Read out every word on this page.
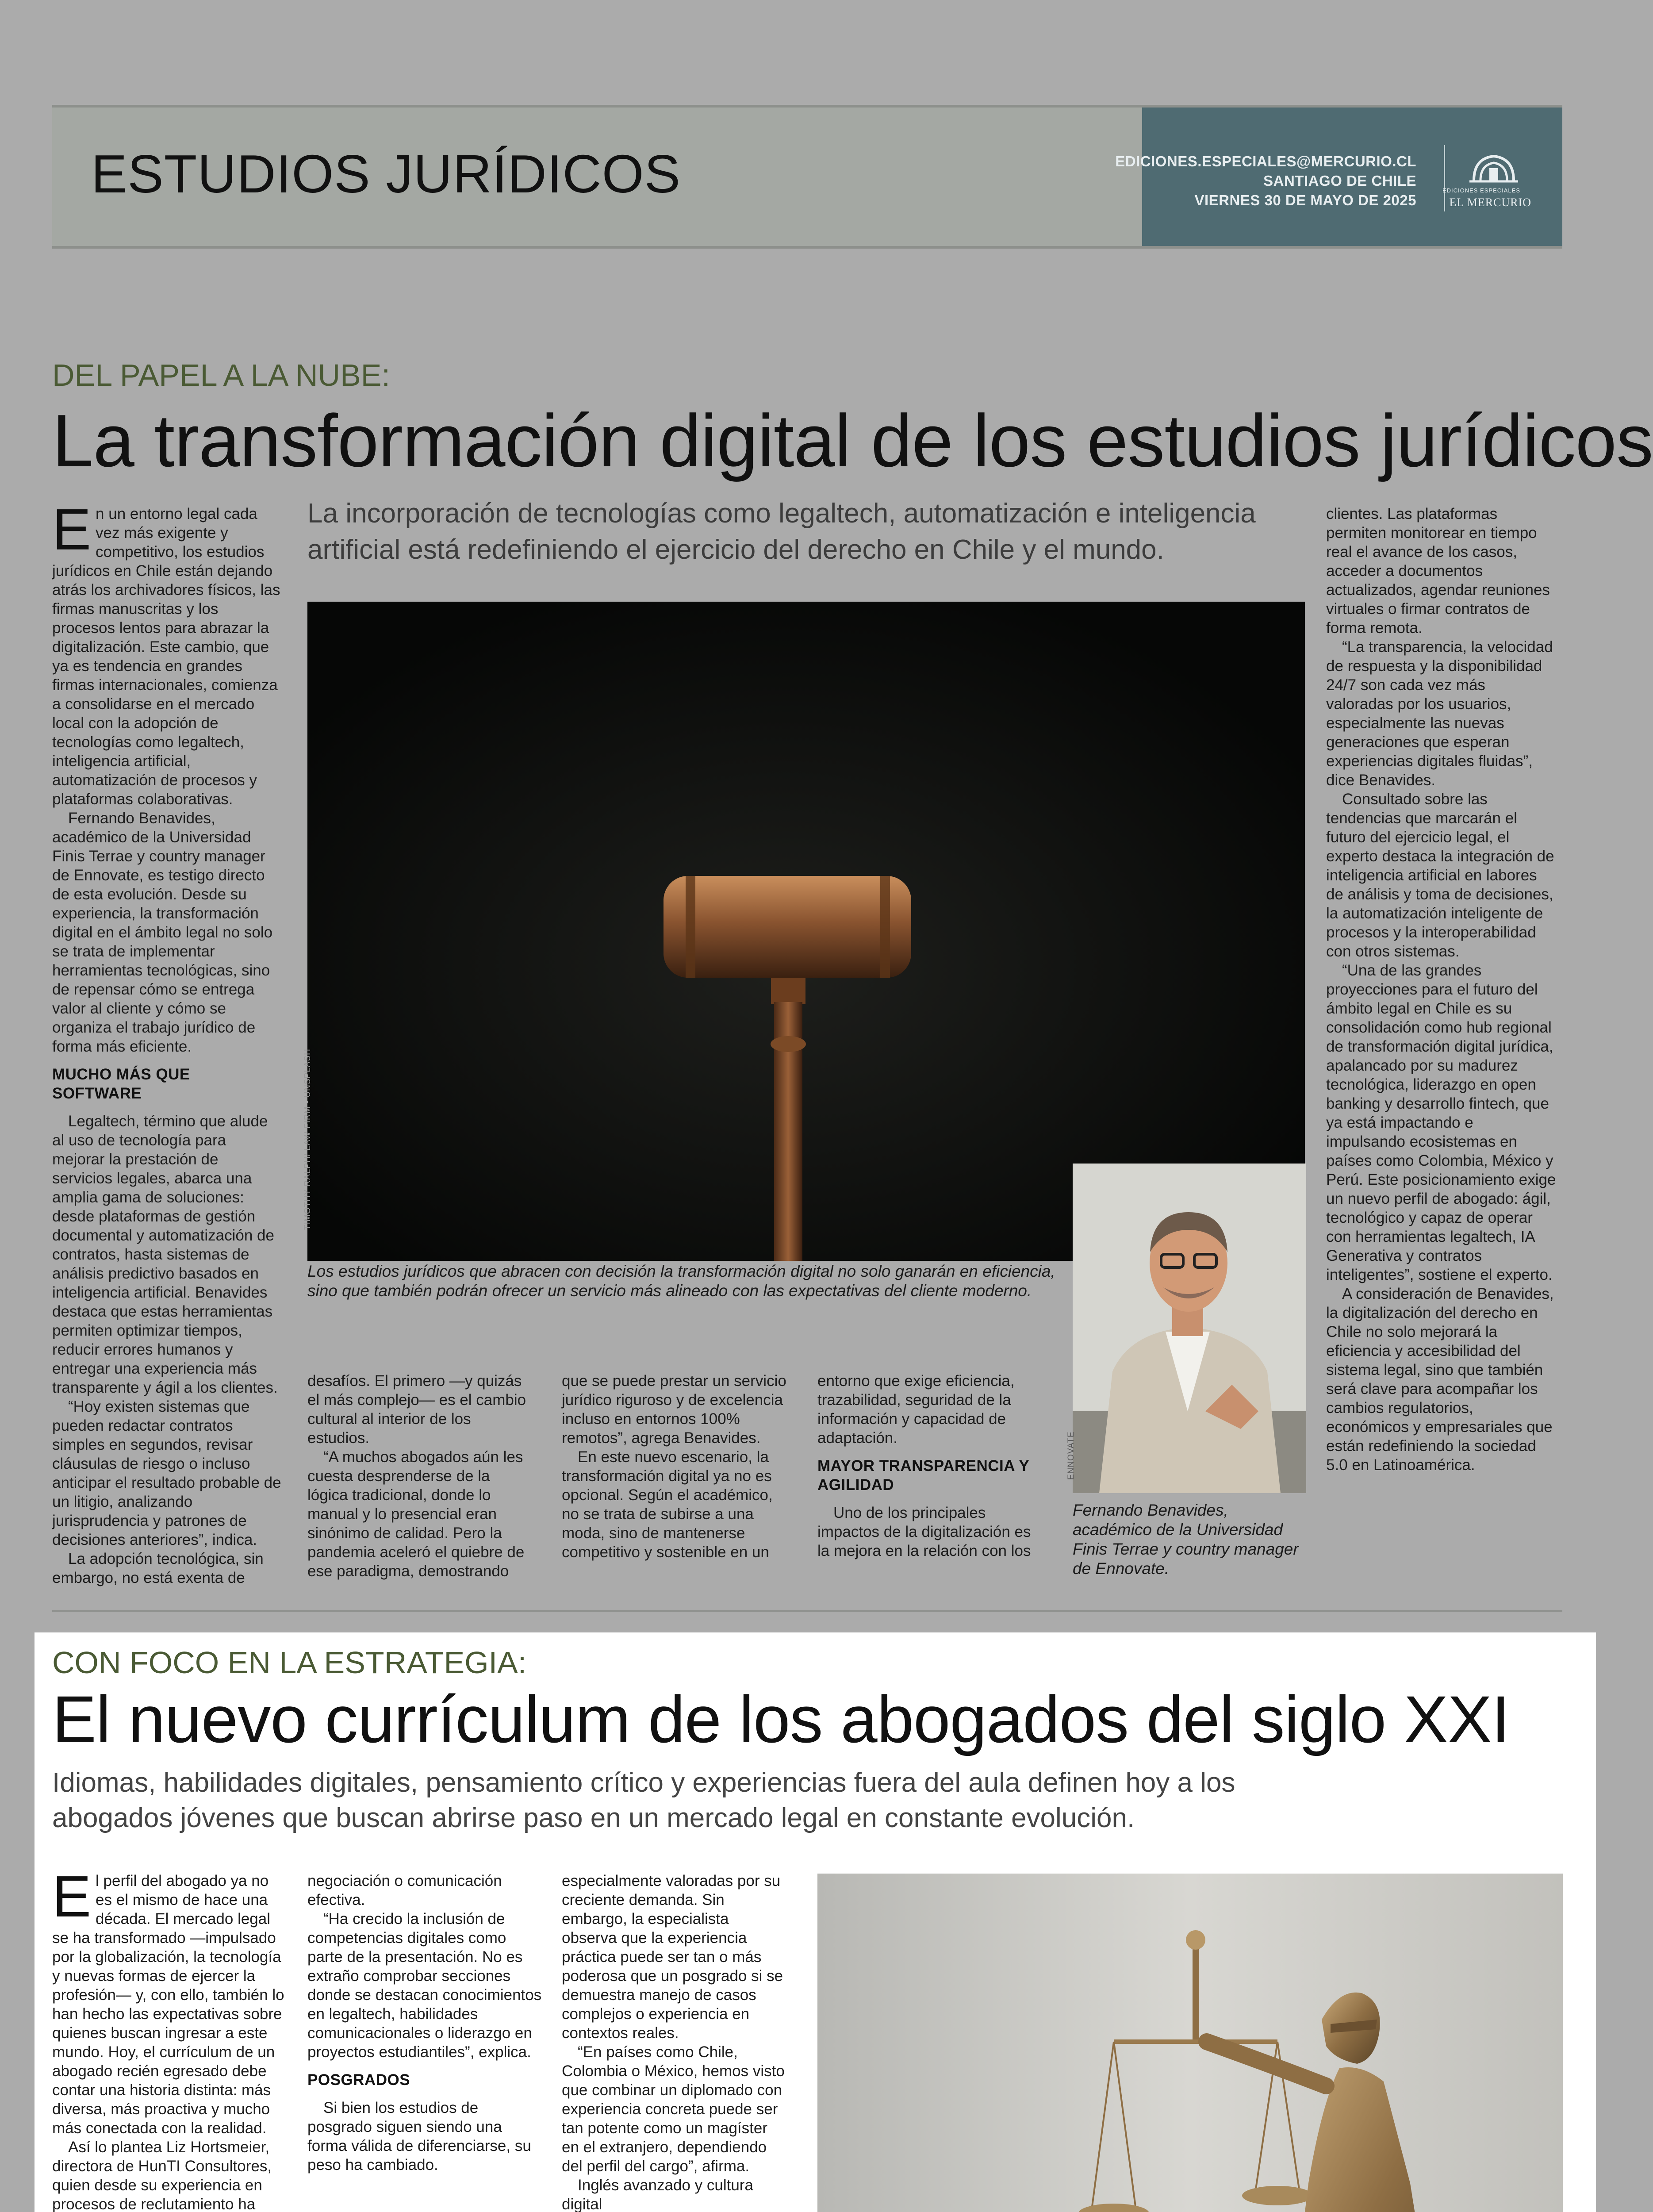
ESTUDIOS JURÍDICOS	EDICIONES.ESPECIALES@MERCURIO.CL
SANTIAGO DE CHILE
VIERNES 30 DE MAYO DE 2025
EDICIONES ESPECIALES
EL MERCURIO
DEL PAPEL A LA NUBE:
La transformación digital de los estudios jurídicos
La incorporación de tecnologías como legaltech, automatización e inteligencia artificial está redefiniendo el ejercicio del derecho en Chile y el mundo.

En un entorno legal cada vez más exigente y competitivo, los estudios jurídicos en Chile están dejando atrás los archivadores físicos, las firmas manuscritas y los procesos lentos para abrazar la digitalización. Este cambio, que ya es tendencia en grandes firmas internacionales, comienza a consolidarse en el mercado local con la adopción de tecnologías como legaltech, inteligencia artificial, automatización de procesos y plataformas colaborativas.

Fernando Benavides, académico de la Universidad Finis Terrae y country manager de Ennovate, es testigo directo de esta evolución. Desde su experiencia, la transformación digital en el ámbito legal no solo se trata de implementar herramientas tecnológicas, sino de repensar cómo se entrega valor al cliente y cómo se organiza el trabajo jurídico de forma más eficiente.

MUCHO MÁS QUE SOFTWARE

Legaltech, término que alude al uso de tecnología para mejorar la prestación de servicios legales, abarca una amplia gama de soluciones: desde plataformas de gestión documental y automatización de contratos, hasta sistemas de análisis predictivo basados en inteligencia artificial. Benavides destaca que estas herramientas permiten optimizar tiempos, reducir errores humanos y entregar una experiencia más transparente y ágil a los clientes.

“Hoy existen sistemas que pueden redactar contratos simples en segundos, revisar cláusulas de riesgo o incluso anticipar el resultado probable de un litigio, analizando jurisprudencia y patrones de decisiones anteriores”, indica.

La adopción tecnológica, sin embargo, no está exenta de

TIMOTHY RALPH/ LAW FIRM - UNSPLASH
Los estudios jurídicos que abracen con decisión la transformación digital no solo ganarán en eficiencia, sino que también podrán ofrecer un servicio más alineado con las expectativas del cliente moderno.
ENNOVATE
Fernando Benavides, académico de la Universidad Finis Terrae y country manager de Ennovate.

desafíos. El primero —y quizás el más complejo— es el cambio cultural al interior de los estudios.

“A muchos abogados aún les cuesta desprenderse de la lógica tradicional, donde lo manual y lo presencial eran sinónimo de calidad. Pero la pandemia aceleró el quiebre de ese paradigma, demostrando

que se puede prestar un servicio jurídico riguroso y de excelencia incluso en entornos 100% remotos”, agrega Benavides.

En este nuevo escenario, la transformación digital ya no es opcional. Según el académico, no se trata de subirse a una moda, sino de mantenerse competitivo y sostenible en un

entorno que exige eficiencia, trazabilidad, seguridad de la información y capacidad de adaptación.

MAYOR TRANSPARENCIA Y AGILIDAD

Uno de los principales impactos de la digitalización es la mejora en la relación con los

clientes. Las plataformas permiten monitorear en tiempo real el avance de los casos, acceder a documentos actualizados, agendar reuniones virtuales o firmar contratos de forma remota.

“La transparencia, la velocidad de respuesta y la disponibilidad 24/7 son cada vez más valoradas por los usuarios, especialmente las nuevas generaciones que esperan experiencias digitales fluidas”, dice Benavides.

Consultado sobre las tendencias que marcarán el futuro del ejercicio legal, el experto destaca la integración de inteligencia artificial en labores de análisis y toma de decisiones, la automatización inteligente de procesos y la interoperabilidad con otros sistemas.

“Una de las grandes proyecciones para el futuro del ámbito legal en Chile es su consolidación como hub regional de transformación digital jurídica, apalancado por su madurez tecnológica, liderazgo en open banking y desarrollo fintech, que ya está impactando e impulsando ecosistemas en países como Colombia, México y Perú. Este posicionamiento exige un nuevo perfil de abogado: ágil, tecnológico y capaz de operar con herramientas legaltech, IA Generativa y contratos inteligentes”, sostiene el experto.

A consideración de Benavides, la digitalización del derecho en Chile no solo mejorará la eficiencia y accesibilidad del sistema legal, sino que también será clave para acompañar los cambios regulatorios, económicos y empresariales que están redefiniendo la sociedad 5.0 en Latinoamérica.

CON FOCO EN LA ESTRATEGIA:
El nuevo currículum de los abogados del siglo XXI
Idiomas, habilidades digitales, pensamiento crítico y experiencias fuera del aula definen hoy a los abogados jóvenes que buscan abrirse paso en un mercado legal en constante evolución.

El perfil del abogado ya no es el mismo de hace una década. El mercado legal se ha transformado —impulsado por la globalización, la tecnología y nuevas formas de ejercer la profesión— y, con ello, también lo han hecho las expectativas sobre quienes buscan ingresar a este mundo. Hoy, el currículum de un abogado recién egresado debe contar una historia distinta: más diversa, más proactiva y mucho más conectada con la realidad.

Así lo plantea Liz Hortsmeier, directora de HunTI Consultores, quien desde su experiencia en procesos de reclutamiento ha

negociación o comunicación efectiva.

“Ha crecido la inclusión de competencias digitales como parte de la presentación. No es extraño comprobar secciones donde se destacan conocimientos en legaltech, habilidades comunicacionales o liderazgo en proyectos estudiantiles”, explica.

POSGRADOS

Si bien los estudios de posgrado siguen siendo una forma válida de diferenciarse, su peso ha cambiado.

especialmente valoradas por su creciente demanda. Sin embargo, la especialista observa que la experiencia práctica puede ser tan o más poderosa que un posgrado si se demuestra manejo de casos complejos o experiencia en contextos reales.

“En países como Chile, Colombia o México, hemos visto que combinar un diplomado con experiencia concreta puede ser tan potente como un magíster en el extranjero, dependiendo del perfil del cargo”, afirma.

Inglés avanzado y cultura digital
